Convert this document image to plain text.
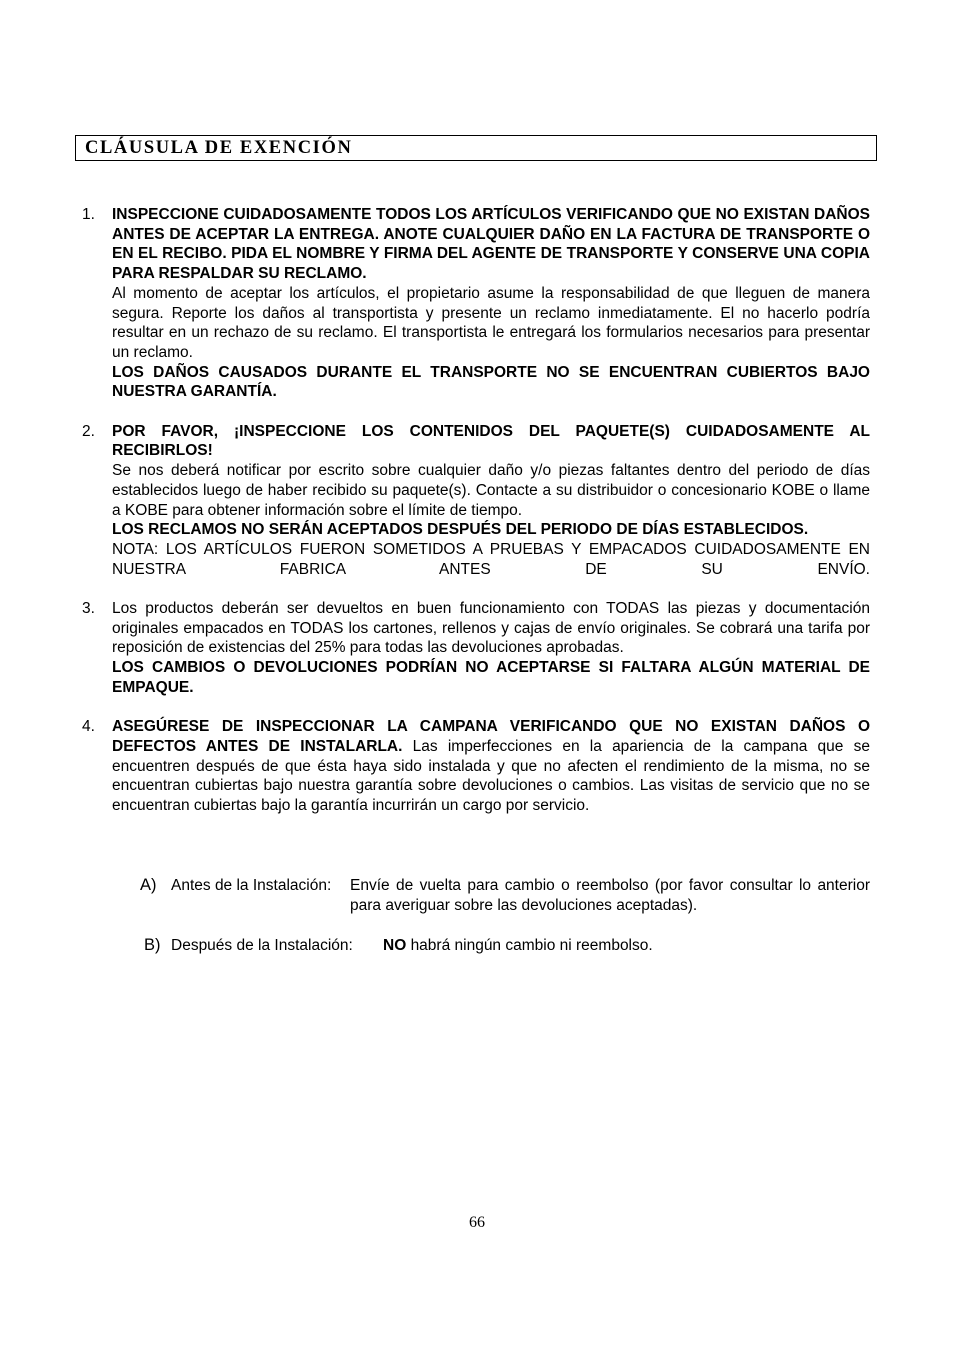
CLÁUSULA DE EXENCIÓN
1. INSPECCIONE CUIDADOSAMENTE TODOS LOS ARTÍCULOS VERIFICANDO QUE NO EXISTAN DAÑOS ANTES DE ACEPTAR LA ENTREGA. ANOTE CUALQUIER DAÑO EN LA FACTURA DE TRANSPORTE O EN EL RECIBO. PIDA EL NOMBRE Y FIRMA DEL AGENTE DE TRANSPORTE Y CONSERVE UNA COPIA PARA RESPALDAR SU RECLAMO.

Al momento de aceptar los artículos, el propietario asume la responsabilidad de que lleguen de manera segura. Reporte los daños al transportista y presente un reclamo inmediatamente. El no hacerlo podría resultar en un rechazo de su reclamo. El transportista le entregará los formularios necesarios para presentar un reclamo.

LOS DAÑOS CAUSADOS DURANTE EL TRANSPORTE NO SE ENCUENTRAN CUBIERTOS BAJO NUESTRA GARANTÍA.

2. POR FAVOR, ¡INSPECCIONE LOS CONTENIDOS DEL PAQUETE(S) CUIDADOSAMENTE AL RECIBIRLOS!

Se nos deberá notificar por escrito sobre cualquier daño y/o piezas faltantes dentro del periodo de días establecidos luego de haber recibido su paquete(s). Contacte a su distribuidor o concesionario KOBE o llame a KOBE para obtener información sobre el límite de tiempo.

LOS RECLAMOS NO SERÁN ACEPTADOS DESPUÉS DEL PERIODO DE DÍAS ESTABLECIDOS.

NOTA: LOS ARTÍCULOS FUERON SOMETIDOS A PRUEBAS Y EMPACADOS CUIDADOSAMENTE EN NUESTRA FABRICA ANTES DE SU ENVÍO.

3. Los productos deberán ser devueltos en buen funcionamiento con TODAS las piezas y documentación originales empacados en TODAS los cartones, rellenos y cajas de envío originales. Se cobrará una tarifa por reposición de existencias del 25% para todas las devoluciones aprobadas.

LOS CAMBIOS O DEVOLUCIONES PODRÍAN NO ACEPTARSE SI FALTARA ALGÚN MATERIAL DE EMPAQUE.

4. ASEGÚRESE DE INSPECCIONAR LA CAMPANA VERIFICANDO QUE NO EXISTAN DAÑOS O DEFECTOS ANTES DE INSTALARLA. Las imperfecciones en la apariencia de la campana que se encuentren después de que ésta haya sido instalada y que no afecten el rendimiento de la misma, no se encuentran cubiertas bajo nuestra garantía sobre devoluciones o cambios. Las visitas de servicio que no se encuentran cubiertas bajo la garantía incurrirán un cargo por servicio.

A) Antes de la Instalación: Envíe de vuelta para cambio o reembolso (por favor consultar lo anterior para averiguar sobre las devoluciones aceptadas).
B) Después de la Instalación: NO habrá ningún cambio ni reembolso.
66
